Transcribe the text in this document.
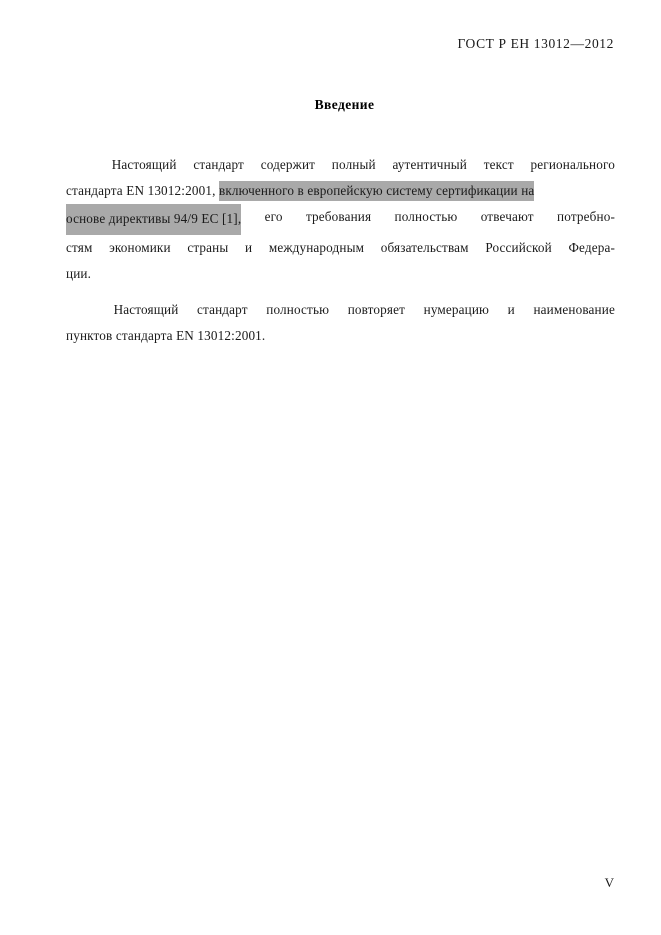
ГОСТ Р ЕН 13012—2012
Введение

Настоящий стандарт содержит полный аутентичный текст регионального
стандарта EN 13012:2001, включенного в европейскую систему сертификации на
основе директивы 94/9 ЕС [1], его требования полностью отвечают потребно-
стям экономики страны и международным обязательствам Российской Федера-
ции.

Настоящий стандарт полностью повторяет нумерацию и наименование
пунктов стандарта EN 13012:2001.

V
